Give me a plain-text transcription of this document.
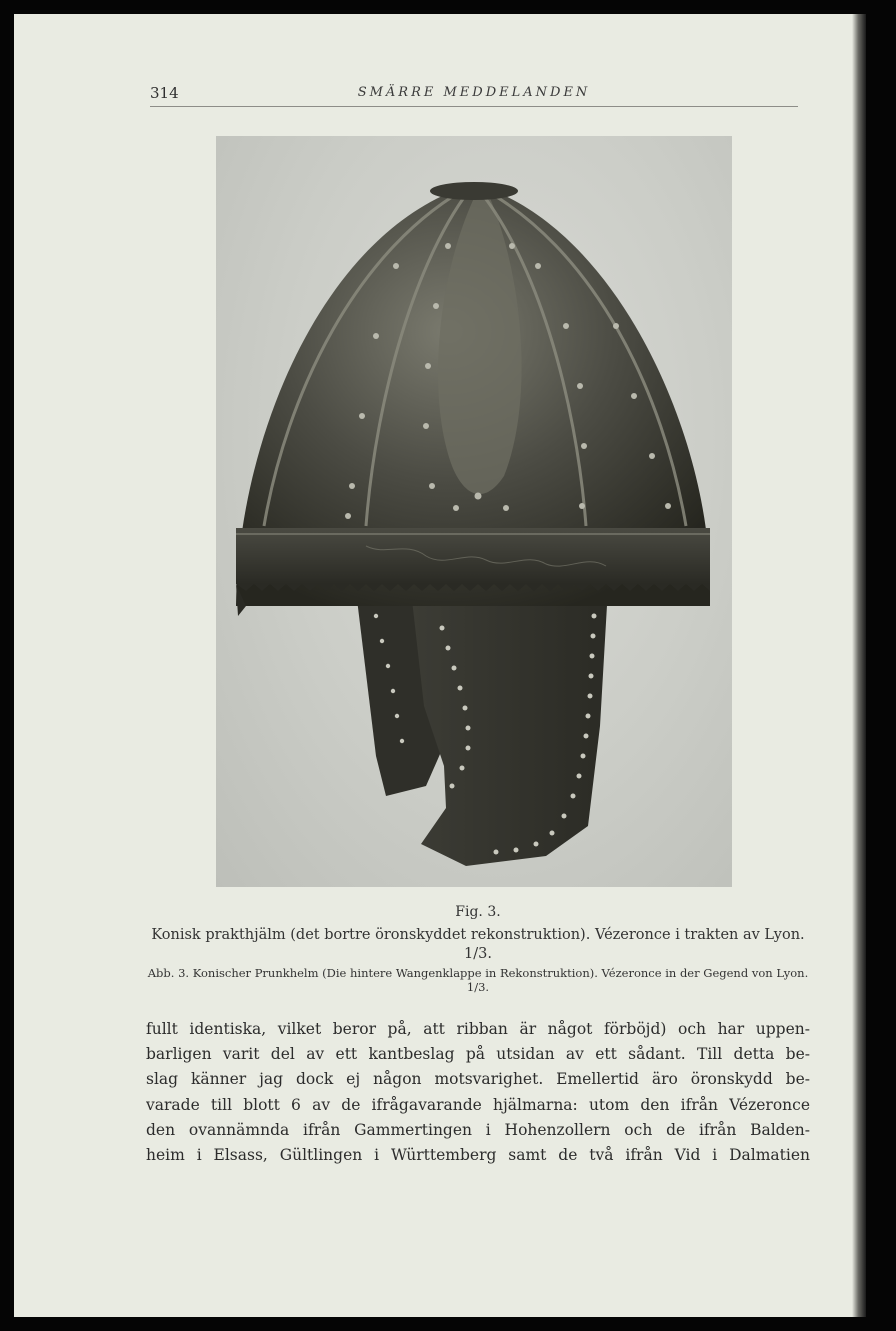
314	SMÄRRE MEDDELANDEN
Fig. 3.
Konisk prakthjälm (det bortre öronskyddet rekonstruktion). Vézeronce i trakten av Lyon. 1/3.
Abb. 3. Konischer Prunkhelm (Die hintere Wangenklappe in Rekonstruktion). Vézeronce in der Gegend von Lyon. 1/3.
fullt identiska, vilket beror på, att ribban är något förböjd) och har uppen-
barligen varit del av ett kantbeslag på utsidan av ett sådant. Till detta be-
slag känner jag dock ej någon motsvarighet. Emellertid äro öronskydd be-
varade till blott 6 av de ifrågavarande hjälmarna: utom den ifrån Vézeronce
den ovannämnda ifrån Gammertingen i Hohenzollern och de ifrån Balden-
heim i Elsass, Gültlingen i Württemberg samt de två ifrån Vid i Dalmatien
